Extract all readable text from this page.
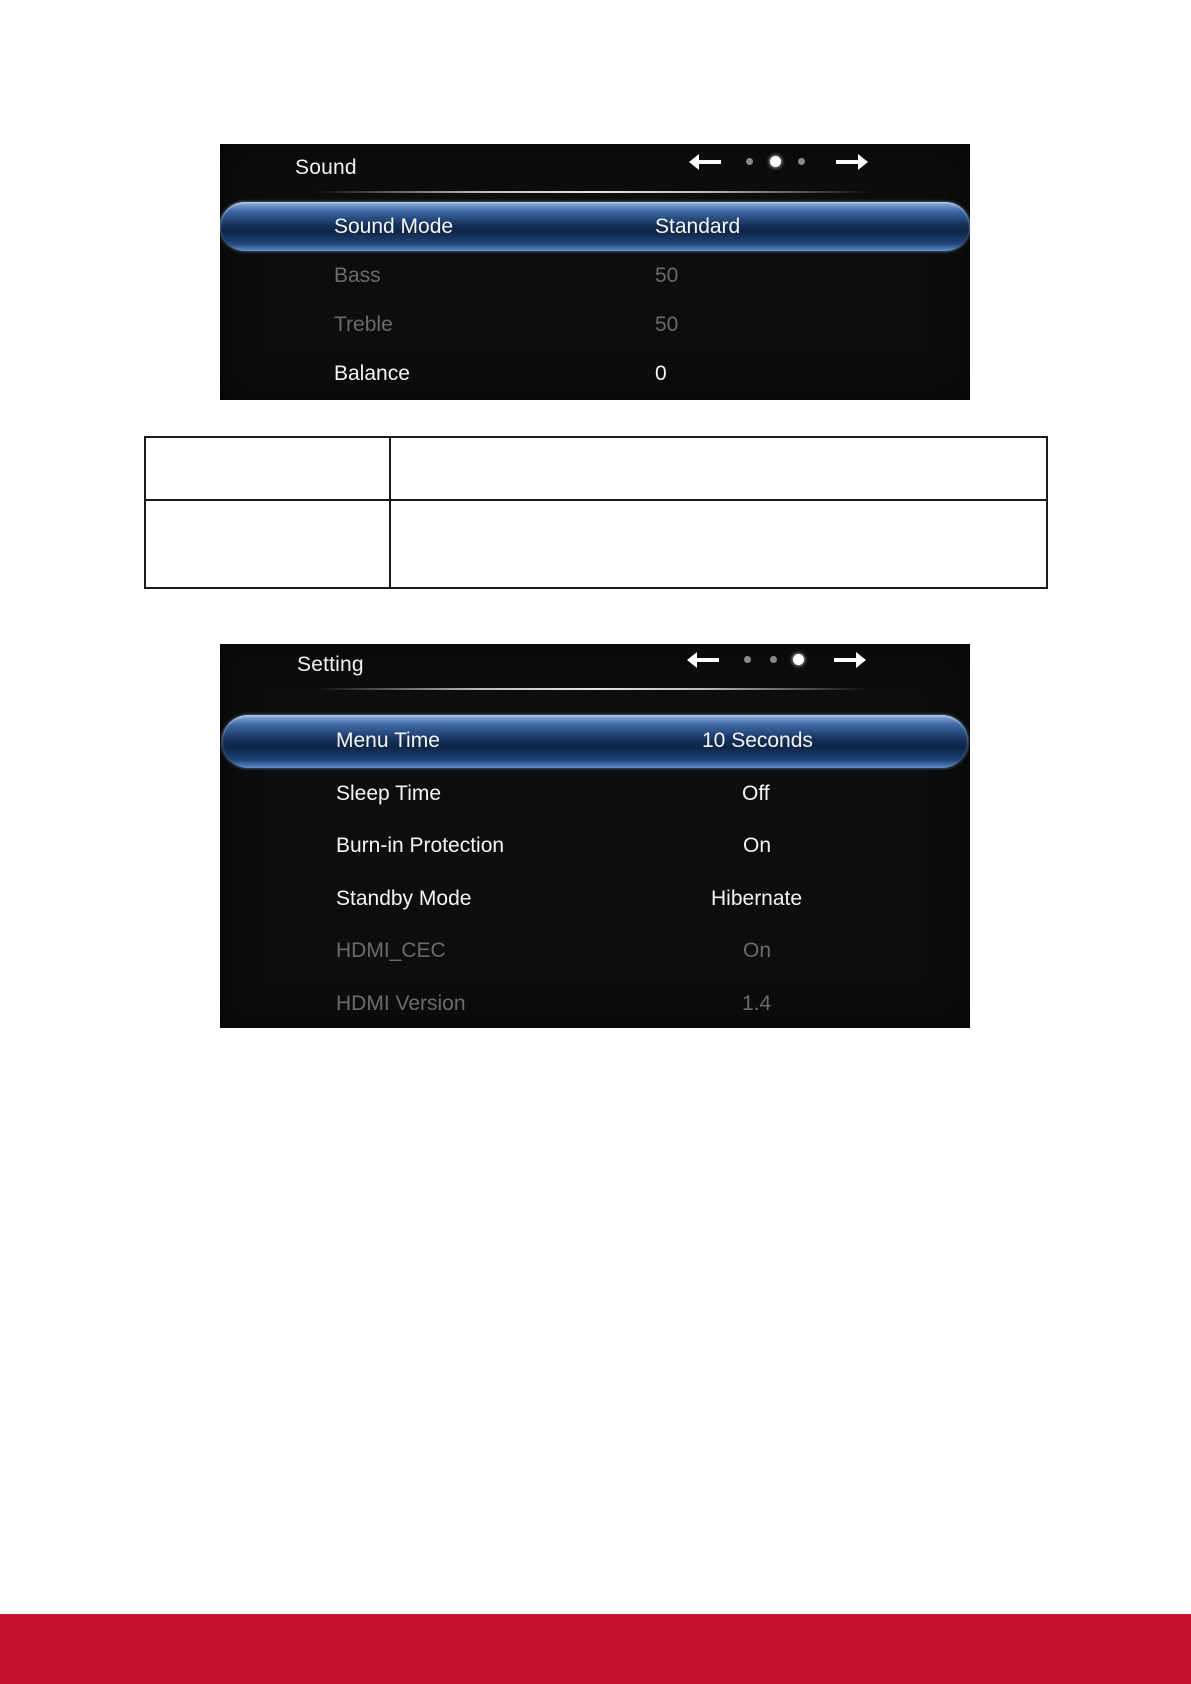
Sound
Sound Mode	Standard
Bass	50
Treble	50
Balance	0

Setting
Menu Time	10 Seconds
Sleep Time	Off
Burn-in Protection	On
Standby Mode	Hibernate
HDMI_CEC	On
HDMI Version	1.4
